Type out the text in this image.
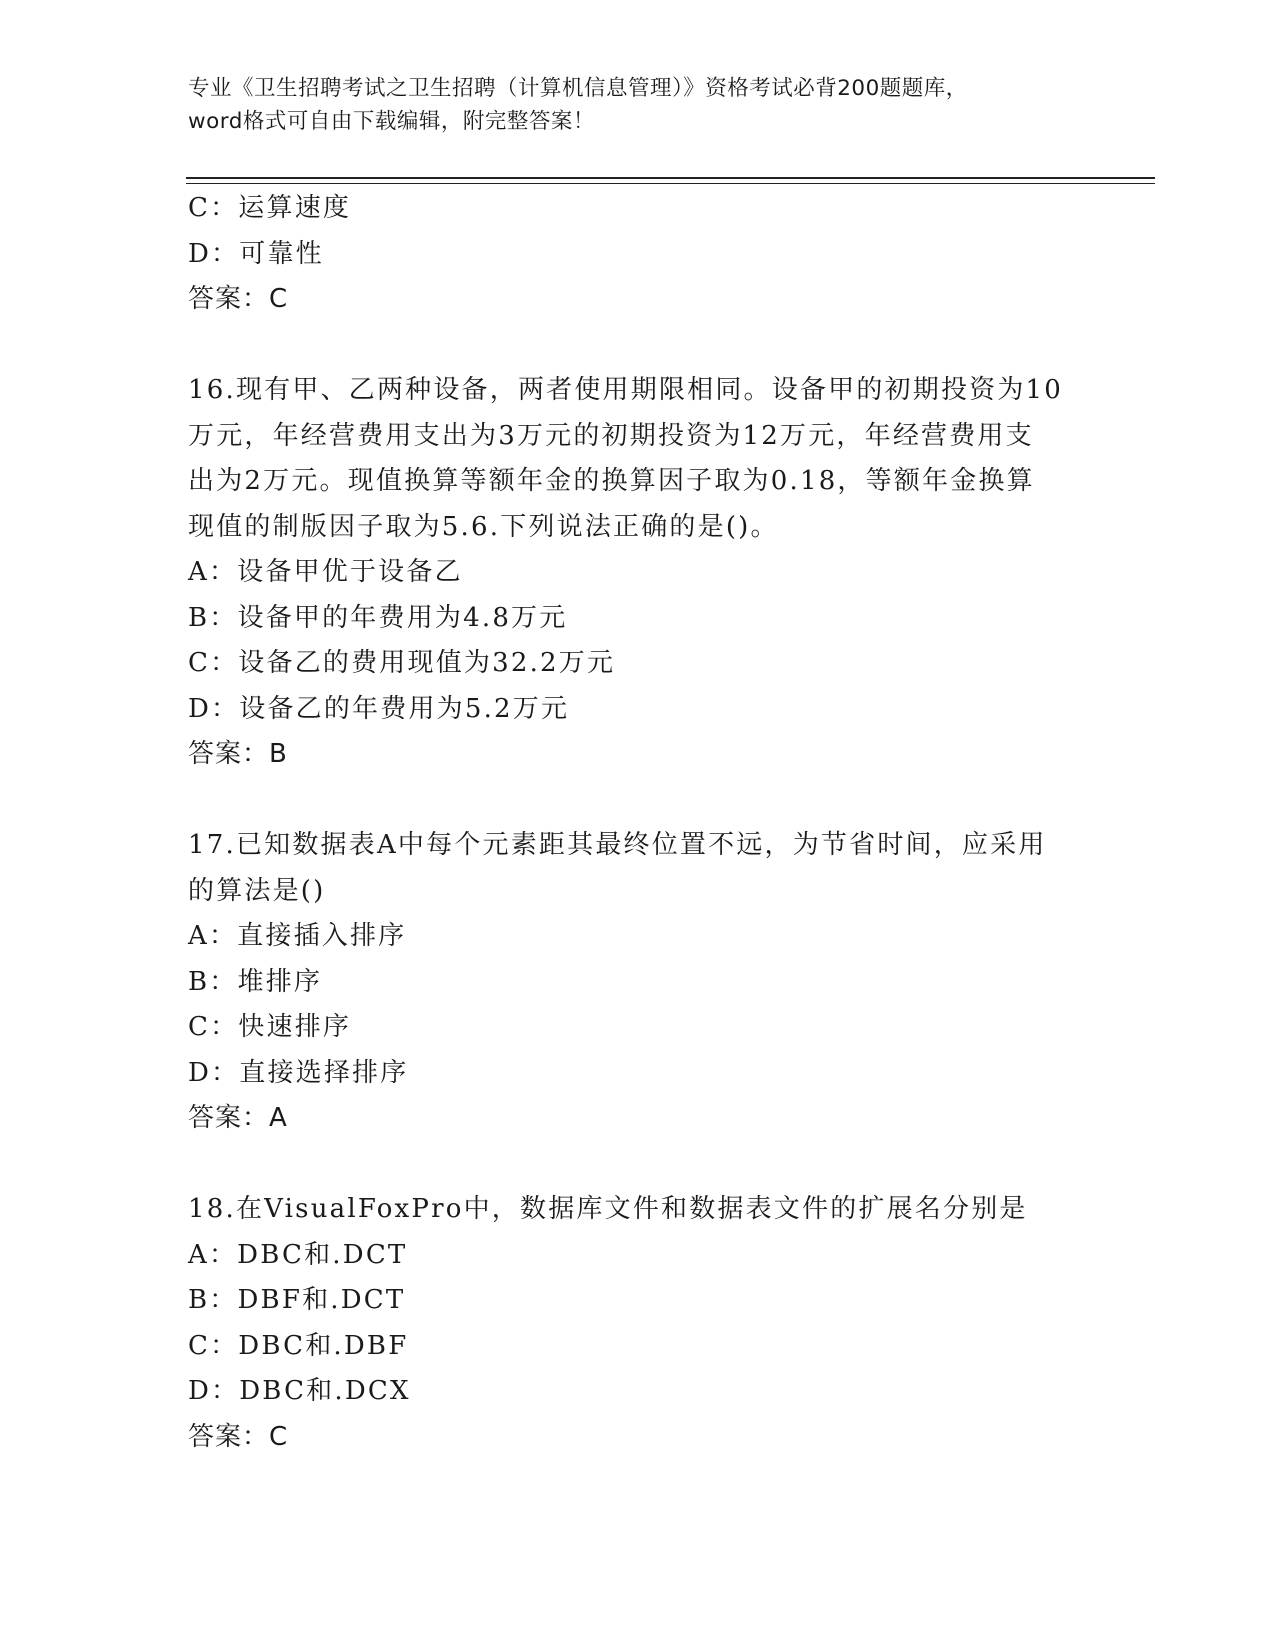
专业《卫生招聘考试之卫生招聘（计算机信息管理）》资格考试必背200题题库，
word格式可自由下载编辑，附完整答案！
C：运算速度
D：可靠性
答案：C
16.现有甲、乙两种设备，两者使用期限相同。设备甲的初期投资为10
万元，年经营费用支出为3万元的初期投资为12万元，年经营费用支
出为2万元。现值换算等额年金的换算因子取为0.18，等额年金换算
现值的制版因子取为5.6.下列说法正确的是()。
A：设备甲优于设备乙
B：设备甲的年费用为4.8万元
C：设备乙的费用现值为32.2万元
D：设备乙的年费用为5.2万元
答案：B
17.已知数据表A中每个元素距其最终位置不远，为节省时间，应采用
的算法是()
A：直接插入排序
B：堆排序
C：快速排序
D：直接选择排序
答案：A
18.在VisualFoxPro中，数据库文件和数据表文件的扩展名分别是
A：DBC和.DCT
B：DBF和.DCT
C：DBC和.DBF
D：DBC和.DCX
答案：C
